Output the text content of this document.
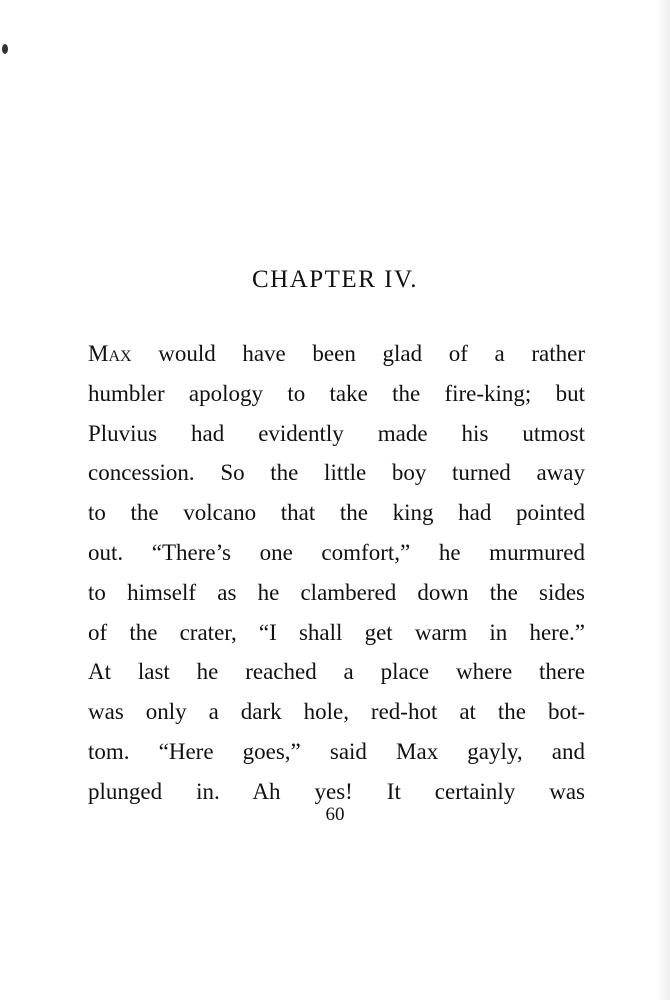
CHAPTER IV.
Max would have been glad of a rather
humbler apology to take the fire-king; but
Pluvius had evidently made his utmost
concession. So the little boy turned away
to the volcano that the king had pointed
out. “There’s one comfort,” he murmured
to himself as he clambered down the sides
of the crater, “I shall get warm in here.”
At last he reached a place where there
was only a dark hole, red-hot at the bot-
tom. “Here goes,” said Max gayly, and
plunged in. Ah yes! It certainly was
60
